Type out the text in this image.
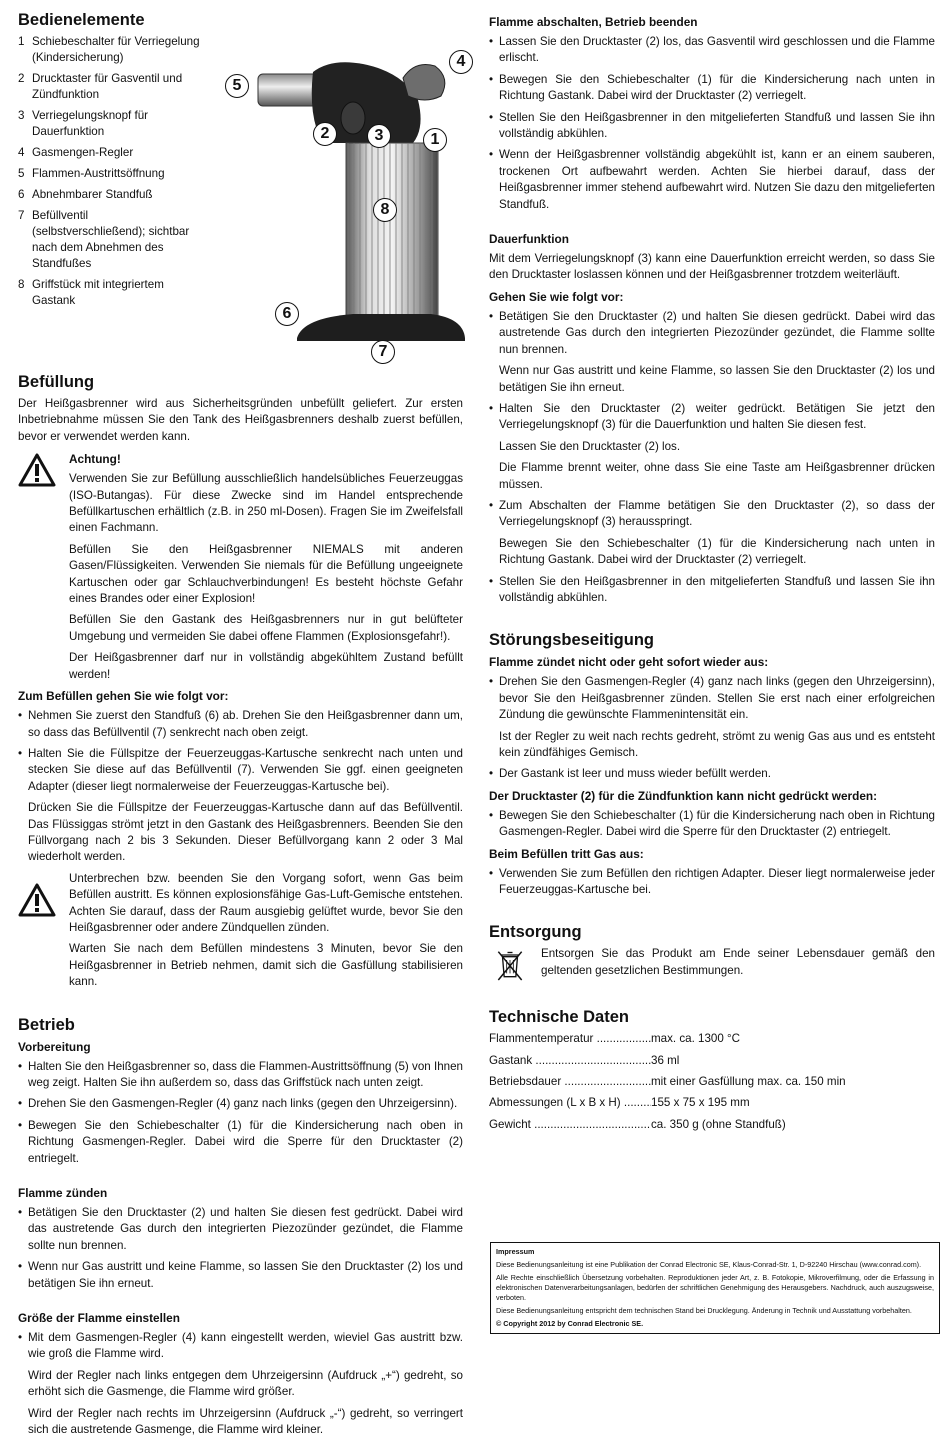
Bedienelemente
1 Schiebeschalter für Verriegelung (Kindersicherung)
2 Drucktaster für Gasventil und Zündfunktion
3 Verriegelungsknopf für Dauerfunktion
4 Gasmengen-Regler
5 Flammen-Austrittsöffnung
6 Abnehmbarer Standfuß
7 Befüllventil (selbstverschließend); sichtbar nach dem Abnehmen des Standfußes
8 Griffstück mit integriertem Gastank
5
4
2	3	1
8
6
7
Befüllung

Der Heißgasbrenner wird aus Sicherheitsgründen unbefüllt geliefert. Zur ersten Inbetriebnahme müssen Sie den Tank des Heißgasbrenners deshalb zuerst befüllen, bevor er verwendet werden kann.

Achtung!

Verwenden Sie zur Befüllung ausschließlich handelsübliches Feuerzeuggas (ISO-Butangas). Für diese Zwecke sind im Handel entsprechende Befüllkartuschen erhältlich (z.B. in 250 ml-Dosen). Fragen Sie im Zweifelsfall einen Fachmann.

Befüllen Sie den Heißgasbrenner NIEMALS mit anderen Gasen/Flüssigkeiten. Verwenden Sie niemals für die Befüllung ungeeignete Kartuschen oder gar Schlauchverbindungen! Es besteht höchste Gefahr eines Brandes oder einer Explosion!

Befüllen Sie den Gastank des Heißgasbrenners nur in gut belüfteter Umgebung und vermeiden Sie dabei offene Flammen (Explosionsgefahr!).

Der Heißgasbrenner darf nur in vollständig abgekühltem Zustand befüllt werden!

Zum Befüllen gehen Sie wie folgt vor:
• Nehmen Sie zuerst den Standfuß (6) ab. Drehen Sie den Heißgasbrenner dann um, so dass das Befüllventil (7) senkrecht nach oben zeigt.
• Halten Sie die Füllspitze der Feuerzeuggas-Kartusche senkrecht nach unten und stecken Sie diese auf das Befüllventil (7). Verwenden Sie ggf. einen geeigneten Adapter (dieser liegt normalerweise der Feuerzeuggas-Kartusche bei).

Drücken Sie die Füllspitze der Feuerzeuggas-Kartusche dann auf das Befüllventil. Das Flüssiggas strömt jetzt in den Gastank des Heißgasbrenners. Beenden Sie den Füllvorgang nach 2 bis 3 Sekunden. Dieser Befüllvorgang kann 2 oder 3 Mal wiederholt werden.

Unterbrechen bzw. beenden Sie den Vorgang sofort, wenn Gas beim Befüllen austritt. Es können explosionsfähige Gas-Luft-Gemische entstehen. Achten Sie darauf, dass der Raum ausgiebig gelüftet wurde, bevor Sie den Heißgasbrenner oder andere Zündquellen zünden.

Warten Sie nach dem Befüllen mindestens 3 Minuten, bevor Sie den Heißgasbrenner in Betrieb nehmen, damit sich die Gasfüllung stabilisieren kann.

Betrieb
Vorbereitung
• Halten Sie den Heißgasbrenner so, dass die Flammen-Austrittsöffnung (5) von Ihnen weg zeigt. Halten Sie ihn außerdem so, dass das Griffstück nach unten zeigt.
• Drehen Sie den Gasmengen-Regler (4) ganz nach links (gegen den Uhrzeigersinn).
• Bewegen Sie den Schiebeschalter (1) für die Kindersicherung nach oben in Richtung Gasmengen-Regler. Dabei wird die Sperre für den Drucktaster (2) entriegelt.
Flamme zünden
• Betätigen Sie den Drucktaster (2) und halten Sie diesen fest gedrückt. Dabei wird das austretende Gas durch den integrierten Piezozünder gezündet, die Flamme sollte nun brennen.
• Wenn nur Gas austritt und keine Flamme, so lassen Sie den Drucktaster (2) los und betätigen Sie ihn erneut.
Größe der Flamme einstellen
• Mit dem Gasmengen-Regler (4) kann eingestellt werden, wieviel Gas austritt bzw. wie groß die Flamme wird.

Wird der Regler nach links entgegen dem Uhrzeigersinn (Aufdruck „+“) gedreht, so erhöht sich die Gasmenge, die Flamme wird größer.

Wird der Regler nach rechts im Uhrzeigersinn (Aufdruck „-“) gedreht, so verringert sich die austretende Gasmenge, die Flamme wird kleiner.

Flamme abschalten, Betrieb beenden
• Lassen Sie den Drucktaster (2) los, das Gasventil wird geschlossen und die Flamme erlischt.
• Bewegen Sie den Schiebeschalter (1) für die Kindersicherung nach unten in Richtung Gastank. Dabei wird der Drucktaster (2) verriegelt.
• Stellen Sie den Heißgasbrenner in den mitgelieferten Standfuß und lassen Sie ihn vollständig abkühlen.
• Wenn der Heißgasbrenner vollständig abgekühlt ist, kann er an einem sauberen, trockenen Ort aufbewahrt werden. Achten Sie hierbei darauf, dass der Heißgasbrenner immer stehend aufbewahrt wird. Nutzen Sie dazu den mitgelieferten Standfuß.
Dauerfunktion

Mit dem Verriegelungsknopf (3) kann eine Dauerfunktion erreicht werden, so dass Sie den Drucktaster loslassen können und der Heißgasbrenner trotzdem weiterläuft.

Gehen Sie wie folgt vor:
• Betätigen Sie den Drucktaster (2) und halten Sie diesen gedrückt. Dabei wird das austretende Gas durch den integrierten Piezozünder gezündet, die Flamme sollte nun brennen.

Wenn nur Gas austritt und keine Flamme, so lassen Sie den Drucktaster (2) los und betätigen Sie ihn erneut.

• Halten Sie den Drucktaster (2) weiter gedrückt. Betätigen Sie jetzt den Verriegelungsknopf (3) für die Dauerfunktion und halten Sie diesen fest.

Lassen Sie den Drucktaster (2) los.

Die Flamme brennt weiter, ohne dass Sie eine Taste am Heißgasbrenner drücken müssen.

• Zum Abschalten der Flamme betätigen Sie den Drucktaster (2), so dass der Verriegelungsknopf (3) herausspringt.

Bewegen Sie den Schiebeschalter (1) für die Kindersicherung nach unten in Richtung Gastank. Dabei wird der Drucktaster (2) verriegelt.

• Stellen Sie den Heißgasbrenner in den mitgelieferten Standfuß und lassen Sie ihn vollständig abkühlen.
Störungsbeseitigung
Flamme zündet nicht oder geht sofort wieder aus:
• Drehen Sie den Gasmengen-Regler (4) ganz nach links (gegen den Uhrzeigersinn), bevor Sie den Heißgasbrenner zünden. Stellen Sie erst nach einer erfolgreichen Zündung die gewünschte Flammenintensität ein.

Ist der Regler zu weit nach rechts gedreht, strömt zu wenig Gas aus und es entsteht kein zündfähiges Gemisch.

• Der Gastank ist leer und muss wieder befüllt werden.
Der Drucktaster (2) für die Zündfunktion kann nicht gedrückt werden:
• Bewegen Sie den Schiebeschalter (1) für die Kindersicherung nach oben in Richtung Gasmengen-Regler. Dabei wird die Sperre für den Drucktaster (2) entriegelt.
Beim Befüllen tritt Gas aus:
• Verwenden Sie zum Befüllen den richtigen Adapter. Dieser liegt normalerweise jeder Feuerzeuggas-Kartusche bei.
Entsorgung

Entsorgen Sie das Produkt am Ende seiner Lebensdauer gemäß den geltenden gesetzlichen Bestimmungen.

Technische Daten
Flammentemperatur .....	max. ca. 1300 °C
Gastank .....	36 ml
Betriebsdauer .....	mit einer Gasfüllung max. ca. 150 min
Abmessungen (L x B x H) .....	155 x 75 x 195 mm
Gewicht .....	ca. 350 g (ohne Standfuß)

Impressum

Diese Bedienungsanleitung ist eine Publikation der Conrad Electronic SE, Klaus-Conrad-Str. 1, D-92240 Hirschau (www.conrad.com).

Alle Rechte einschließlich Übersetzung vorbehalten. Reproduktionen jeder Art, z. B. Fotokopie, Mikroverfilmung, oder die Erfassung in elektronischen Datenverarbeitungsanlagen, bedürfen der schriftlichen Genehmigung des Herausgebers. Nachdruck, auch auszugsweise, verboten.

Diese Bedienungsanleitung entspricht dem technischen Stand bei Drucklegung. Änderung in Technik und Ausstattung vorbehalten.

© Copyright 2012 by Conrad Electronic SE.
